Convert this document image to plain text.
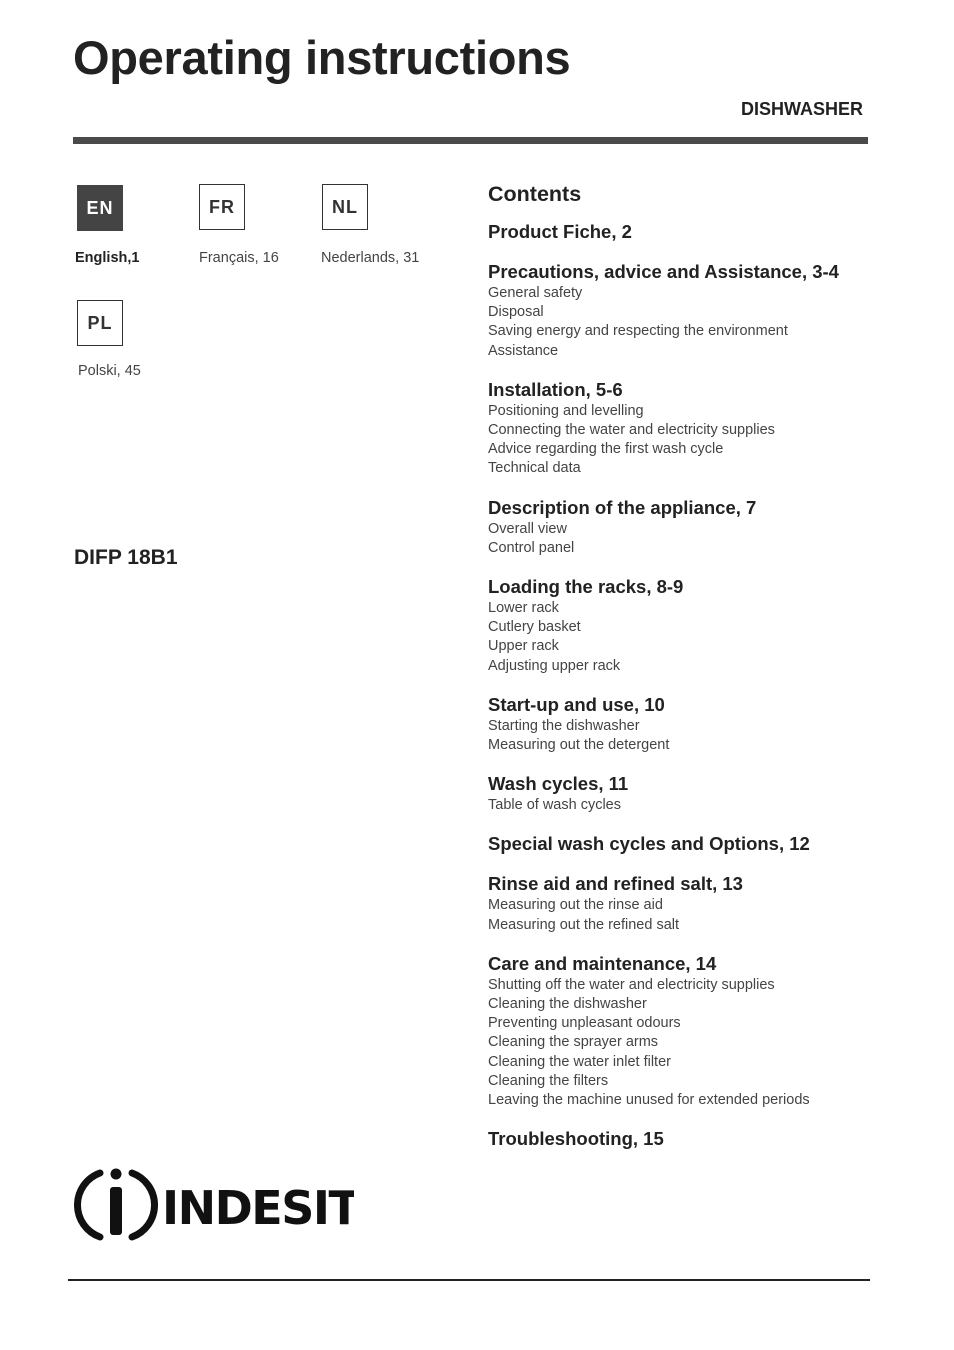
Operating instructions
DISHWASHER
EN
English,1
FR
Français, 16
NL
Nederlands, 31
PL
Polski, 45
DIFP 18B1
Contents
Product Fiche, 2
Precautions, advice and Assistance, 3-4
General safety
Disposal
Saving energy and respecting the environment
Assistance
Installation, 5-6
Positioning and levelling
Connecting the water and electricity supplies
Advice regarding the first wash cycle
Technical data
Description of the appliance, 7
Overall view
Control panel
Loading the racks, 8-9
Lower rack
Cutlery basket
Upper rack
Adjusting upper rack
Start-up and use, 10
Starting the dishwasher
Measuring out the detergent
Wash cycles, 11
Table of wash cycles
Special wash cycles and Options, 12
Rinse aid and refined salt, 13
Measuring out the rinse aid
Measuring out the refined salt
Care and maintenance, 14
Shutting off the water and electricity supplies
Cleaning the dishwasher
Preventing unpleasant odours
Cleaning the sprayer arms
Cleaning the water inlet filter
Cleaning the filters
Leaving the machine unused for extended periods
Troubleshooting, 15
INDESIT
